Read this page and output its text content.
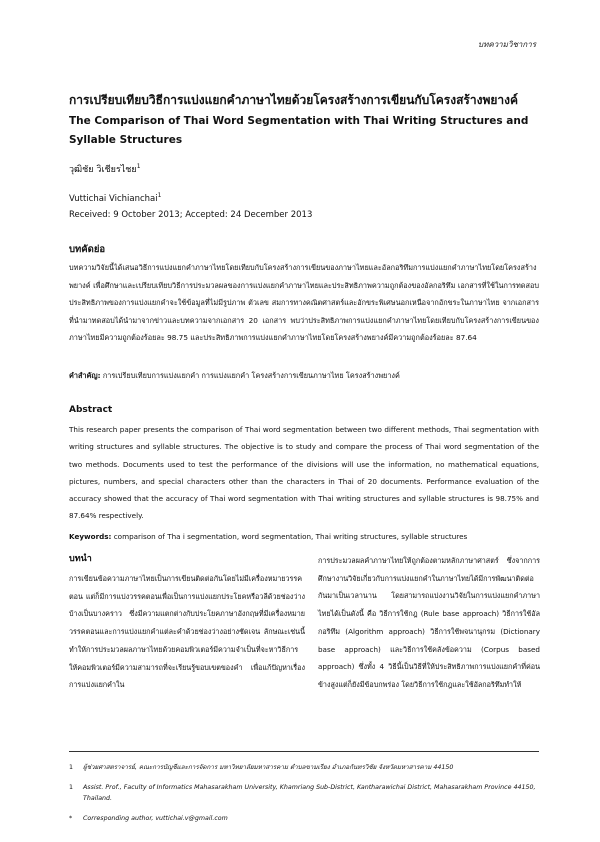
บทความวิชาการ
การเปรียบเทียบวิธีการแบ่งแยกคำภาษาไทยด้วยโครงสร้างการเขียนกับโครงสร้างพยางค์
The Comparison of Thai Word Segmentation with Thai Writing Structures and Syllable Structures
วุฒิชัย วิเชียรไชย$^1$
Vuttichai Vichianchai$^1$
Received: 9 October 2013; Accepted: 24 December 2013
บทคัดย่อ
บทความวิจัยนี้ได้เสนอวิธีการแบ่งแยกคำภาษาไทยโดยเทียบกับโครงสร้างการเขียนของภาษาไทยและอัลกอริทึมการแบ่งแยกคำภาษาไทยโดยโครงสร้างพยางค์ เพื่อศึกษาและเปรียบเทียบวิธีการประมวลผลของการแบ่งแยกคำภาษาไทยและประสิทธิภาพความถูกต้องของอัลกอริทึม เอกสารที่ใช้ในการทดสอบประสิทธิภาพของการแบ่งแยกคำจะใช้ข้อมูลที่ไม่มีรูปภาพ ตัวเลข สมการทางคณิตศาสตร์และอักขระพิเศษนอกเหนือจากอักขระในภาษาไทย จากเอกสารที่นำมาทดสอบได้นำมาจากข่าวและบทความจากเอกสาร 20 เอกสาร พบว่าประสิทธิภาพการแบ่งแยกคำภาษาไทยโดยเทียบกับโครงสร้างการเขียนของภาษาไทยมีความถูกต้องร้อยละ 98.75 และประสิทธิภาพการแบ่งแยกคำภาษาไทยโดยโครงสร้างพยางค์มีความถูกต้องร้อยละ 87.64
คำสำคัญ: การเปรียบเทียบการแบ่งแยกคำ การแบ่งแยกคำ โครงสร้างการเขียนภาษาไทย โครงสร้างพยางค์
Abstract
This research paper presents the comparison of Thai word segmentation between two different methods, Thai segmentation with writing structures and syllable structures. The objective is to study and compare the process of Thai word segmentation of the two methods. Documents used to test the performance of the divisions will use the information, no mathematical equations, pictures, numbers, and special characters other than the characters in Thai of 20 documents. Performance evaluation of the accuracy showed that the accuracy of Thai word segmentation with Thai writing structures and syllable structures is 98.75% and 87.64% respectively.
Keywords: comparison of Tha i segmentation, word segmentation, Thai writing structures, syllable structures
บทนำ
การเขียนข้อความภาษาไทยเป็นการเขียนติดต่อกันโดยไม่มีเครื่องหมายวรรคตอน แต่ก็มีการแบ่งวรรคตอนเพื่อเป็นการแบ่งแยกประโยคหรือวลีด้วยช่องว่างบ้างเป็นบางคราว ซึ่งมีความแตกต่างกับประโยคภาษาอังกฤษที่มีเครื่องหมายวรรคตอนและการแบ่งแยกคำแต่ละคำด้วยช่องว่างอย่างชัดเจน ลักษณะเช่นนี้ทำให้การประมวลผลภาษาไทยด้วยคอมพิวเตอร์มีความจำเป็นที่จะหาวิธีการให้คอมพิวเตอร์มีความสามารถที่จะเรียนรู้ขอบเขตของคำ เพื่อแก้ปัญหาเรื่องการแบ่งแยกคำใน
การประมวลผลคำภาษาไทยให้ถูกต้องตามหลักภาษาศาสตร์ ซึ่งจากการศึกษางานวิจัยเกี่ยวกับการแบ่งแยกคำในภาษาไทยได้มีการพัฒนาติดต่อกันมาเป็นเวลานาน โดยสามารถแบ่งงานวิจัยในการแบ่งแยกคำภาษาไทยได้เป็นดังนี้ คือ วิธีการใช้กฎ (Rule base approach) วิธีการใช้อัลกอริทึม (Algorithm approach) วิธีการใช้พจนานุกรม (Dictionary base approach) และวิธีการใช้คลังข้อความ (Corpus based approach) ซึ่งทั้ง 4 วิธีนี้เป็นวิธีที่ให้ประสิทธิภาพการแบ่งแยกคำที่ค่อนข้างสูงแต่ก็ยังมีข้อบกพร่อง โดยวิธีการใช้กฎและใช้อัลกอริทึมทำให้
1 ผู้ช่วยศาสตราจารย์, คณะการบัญชีและการจัดการ มหาวิทยาลัยมหาสารคาม ตำบลขามเรียง อำเภอกันทรวิชัย จังหวัดมหาสารคาม 44150
1 Assist. Prof., Faculty of Informatics Mahasarakham University, Khamriang Sub-District, Kantharawichai District, Mahasarakham Province 44150, Thailand.
* Corresponding author, vuttichai.v@gmail.com
